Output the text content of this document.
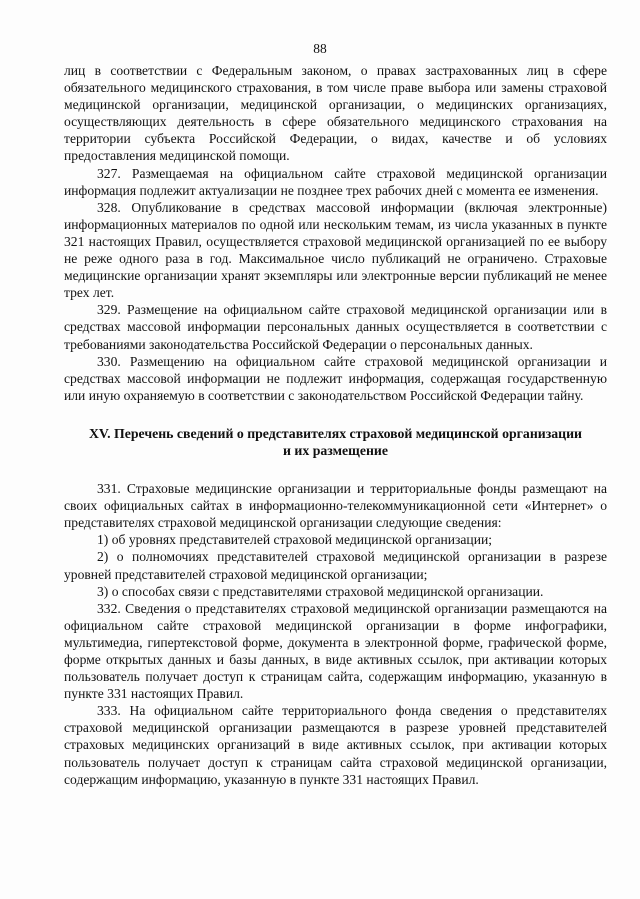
88

лиц в соответствии с Федеральным законом, о правах застрахованных лиц в сфере обязательного медицинского страхования, в том числе праве выбора или замены страховой медицинской организации, медицинской организации, о медицинских организациях, осуществляющих деятельность в сфере обязательного медицинского страхования на территории субъекта Российской Федерации, о видах, качестве и об условиях предоставления медицинской помощи.

327. Размещаемая на официальном сайте страховой медицинской организации информация подлежит актуализации не позднее трех рабочих дней с момента ее изменения.

328. Опубликование в средствах массовой информации (включая электронные) информационных материалов по одной или нескольким темам, из числа указанных в пункте 321 настоящих Правил, осуществляется страховой медицинской организацией по ее выбору не реже одного раза в год. Максимальное число публикаций не ограничено. Страховые медицинские организации хранят экземпляры или электронные версии публикаций не менее трех лет.

329. Размещение на официальном сайте страховой медицинской организации или в средствах массовой информации персональных данных осуществляется в соответствии с требованиями законодательства Российской Федерации о персональных данных.

330. Размещению на официальном сайте страховой медицинской организации и средствах массовой информации не подлежит информация, содержащая государственную или иную охраняемую в соответствии с законодательством Российской Федерации тайну.

XV. Перечень сведений о представителях страховой медицинской организации и их размещение

331. Страховые медицинские организации и территориальные фонды размещают на своих официальных сайтах в информационно-телекоммуникационной сети «Интернет» о представителях страховой медицинской организации следующие сведения:

1) об уровнях представителей страховой медицинской организации;

2) о полномочиях представителей страховой медицинской организации в разрезе уровней представителей страховой медицинской организации;

3) о способах связи с представителями страховой медицинской организации.

332. Сведения о представителях страховой медицинской организации размещаются на официальном сайте страховой медицинской организации в форме инфографики, мультимедиа, гипертекстовой форме, документа в электронной форме, графической форме, форме открытых данных и базы данных, в виде активных ссылок, при активации которых пользователь получает доступ к страницам сайта, содержащим информацию, указанную в пункте 331 настоящих Правил.

333. На официальном сайте территориального фонда сведения о представителях страховой медицинской организации размещаются в разрезе уровней представителей страховых медицинских организаций в виде активных ссылок, при активации которых пользователь получает доступ к страницам сайта страховой медицинской организации, содержащим информацию, указанную в пункте 331 настоящих Правил.
